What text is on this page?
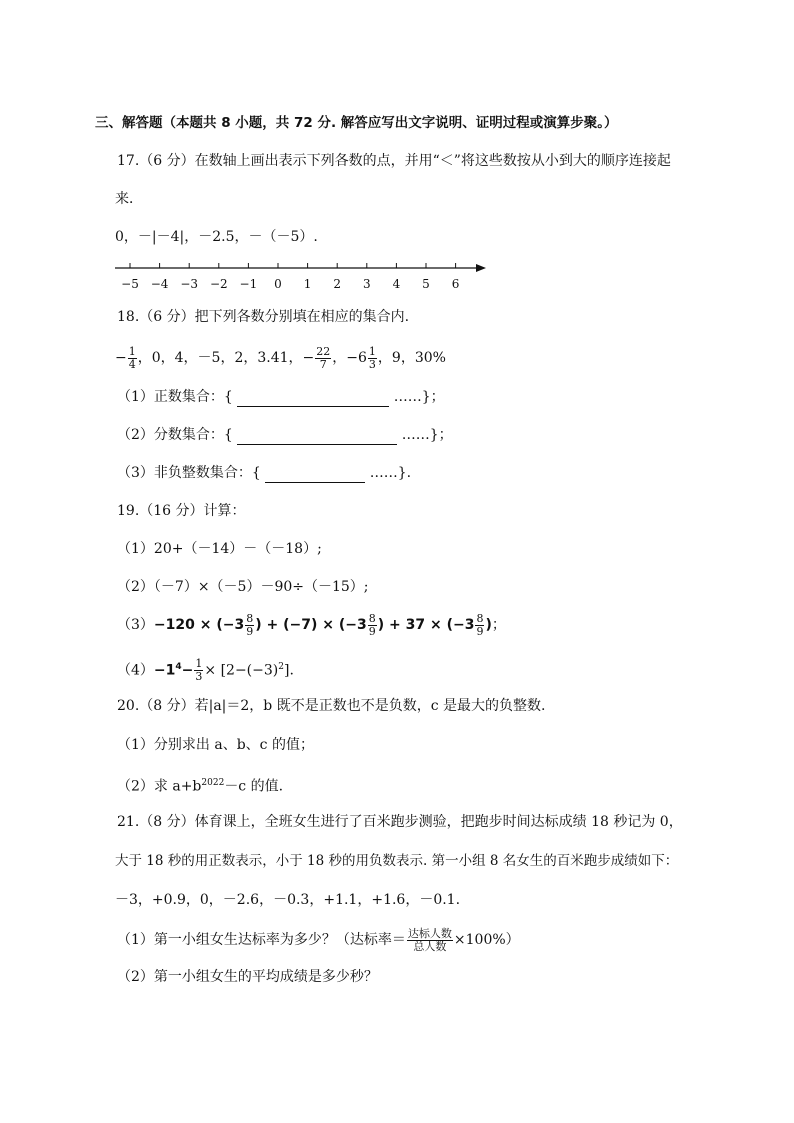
三、解答题（本题共 8 小题，共 72 分. 解答应写出文字说明、证明过程或演算步聚。）
17.（6 分）在数轴上画出表示下列各数的点，并用“＜”将这些数按从小到大的顺序连接起
来．
0，－|－4|，－2.5，－（－5）.
−5 −4 −3 −2 −1 0 1 2 3 4 5 6
18.（6 分）把下列各数分别填在相应的集合内.
− $\frac{1}{4}$ ，0，4，－5，2，3.41，− $\frac{22}{7}$ ，$-6 \frac{1}{3}$ ，9，30%
（1）正数集合：{	……}；
（2）分数集合：{	……}；
（3）非负整数集合：{	……}.
19.（16 分）计算：
（1）20+（－14）－（－18）;
（2）（－7）×（－5）－90÷（－15）;
$(3)-120 \times (-3 \frac{8}{9}$ ) + $(-7) \times (-3 \frac{8}{9}$ ) + $37 \times (-3 \frac{8}{9}$ )；
$(4)-1^4- \frac{1}{3} \times [2-(-3)^2]$.
20.（8 分）若|a|＝2，b 既不是正数也不是负数，c 是最大的负整数.
（1）分别求出 a、b、c 的值；
（2）求 $a+b^{2022}-c$ 的值.
21.（8 分）体育课上，全班女生进行了百米跑步测验，把跑步时间达标成绩 18 秒记为 0，
大于 18 秒的用正数表示，小于 18 秒的用负数表示. 第一小组 8 名女生的百米跑步成绩如下：
－3，+0.9，0，－2.6，－0.3，+1.1，+1.6，－0.1.
（1）第一小组女生达标率为多少？（达标率＝ $\frac{\text{达标人数}}{\text{总人数}} \times 100\%$）
（2）第一小组女生的平均成绩是多少秒？
